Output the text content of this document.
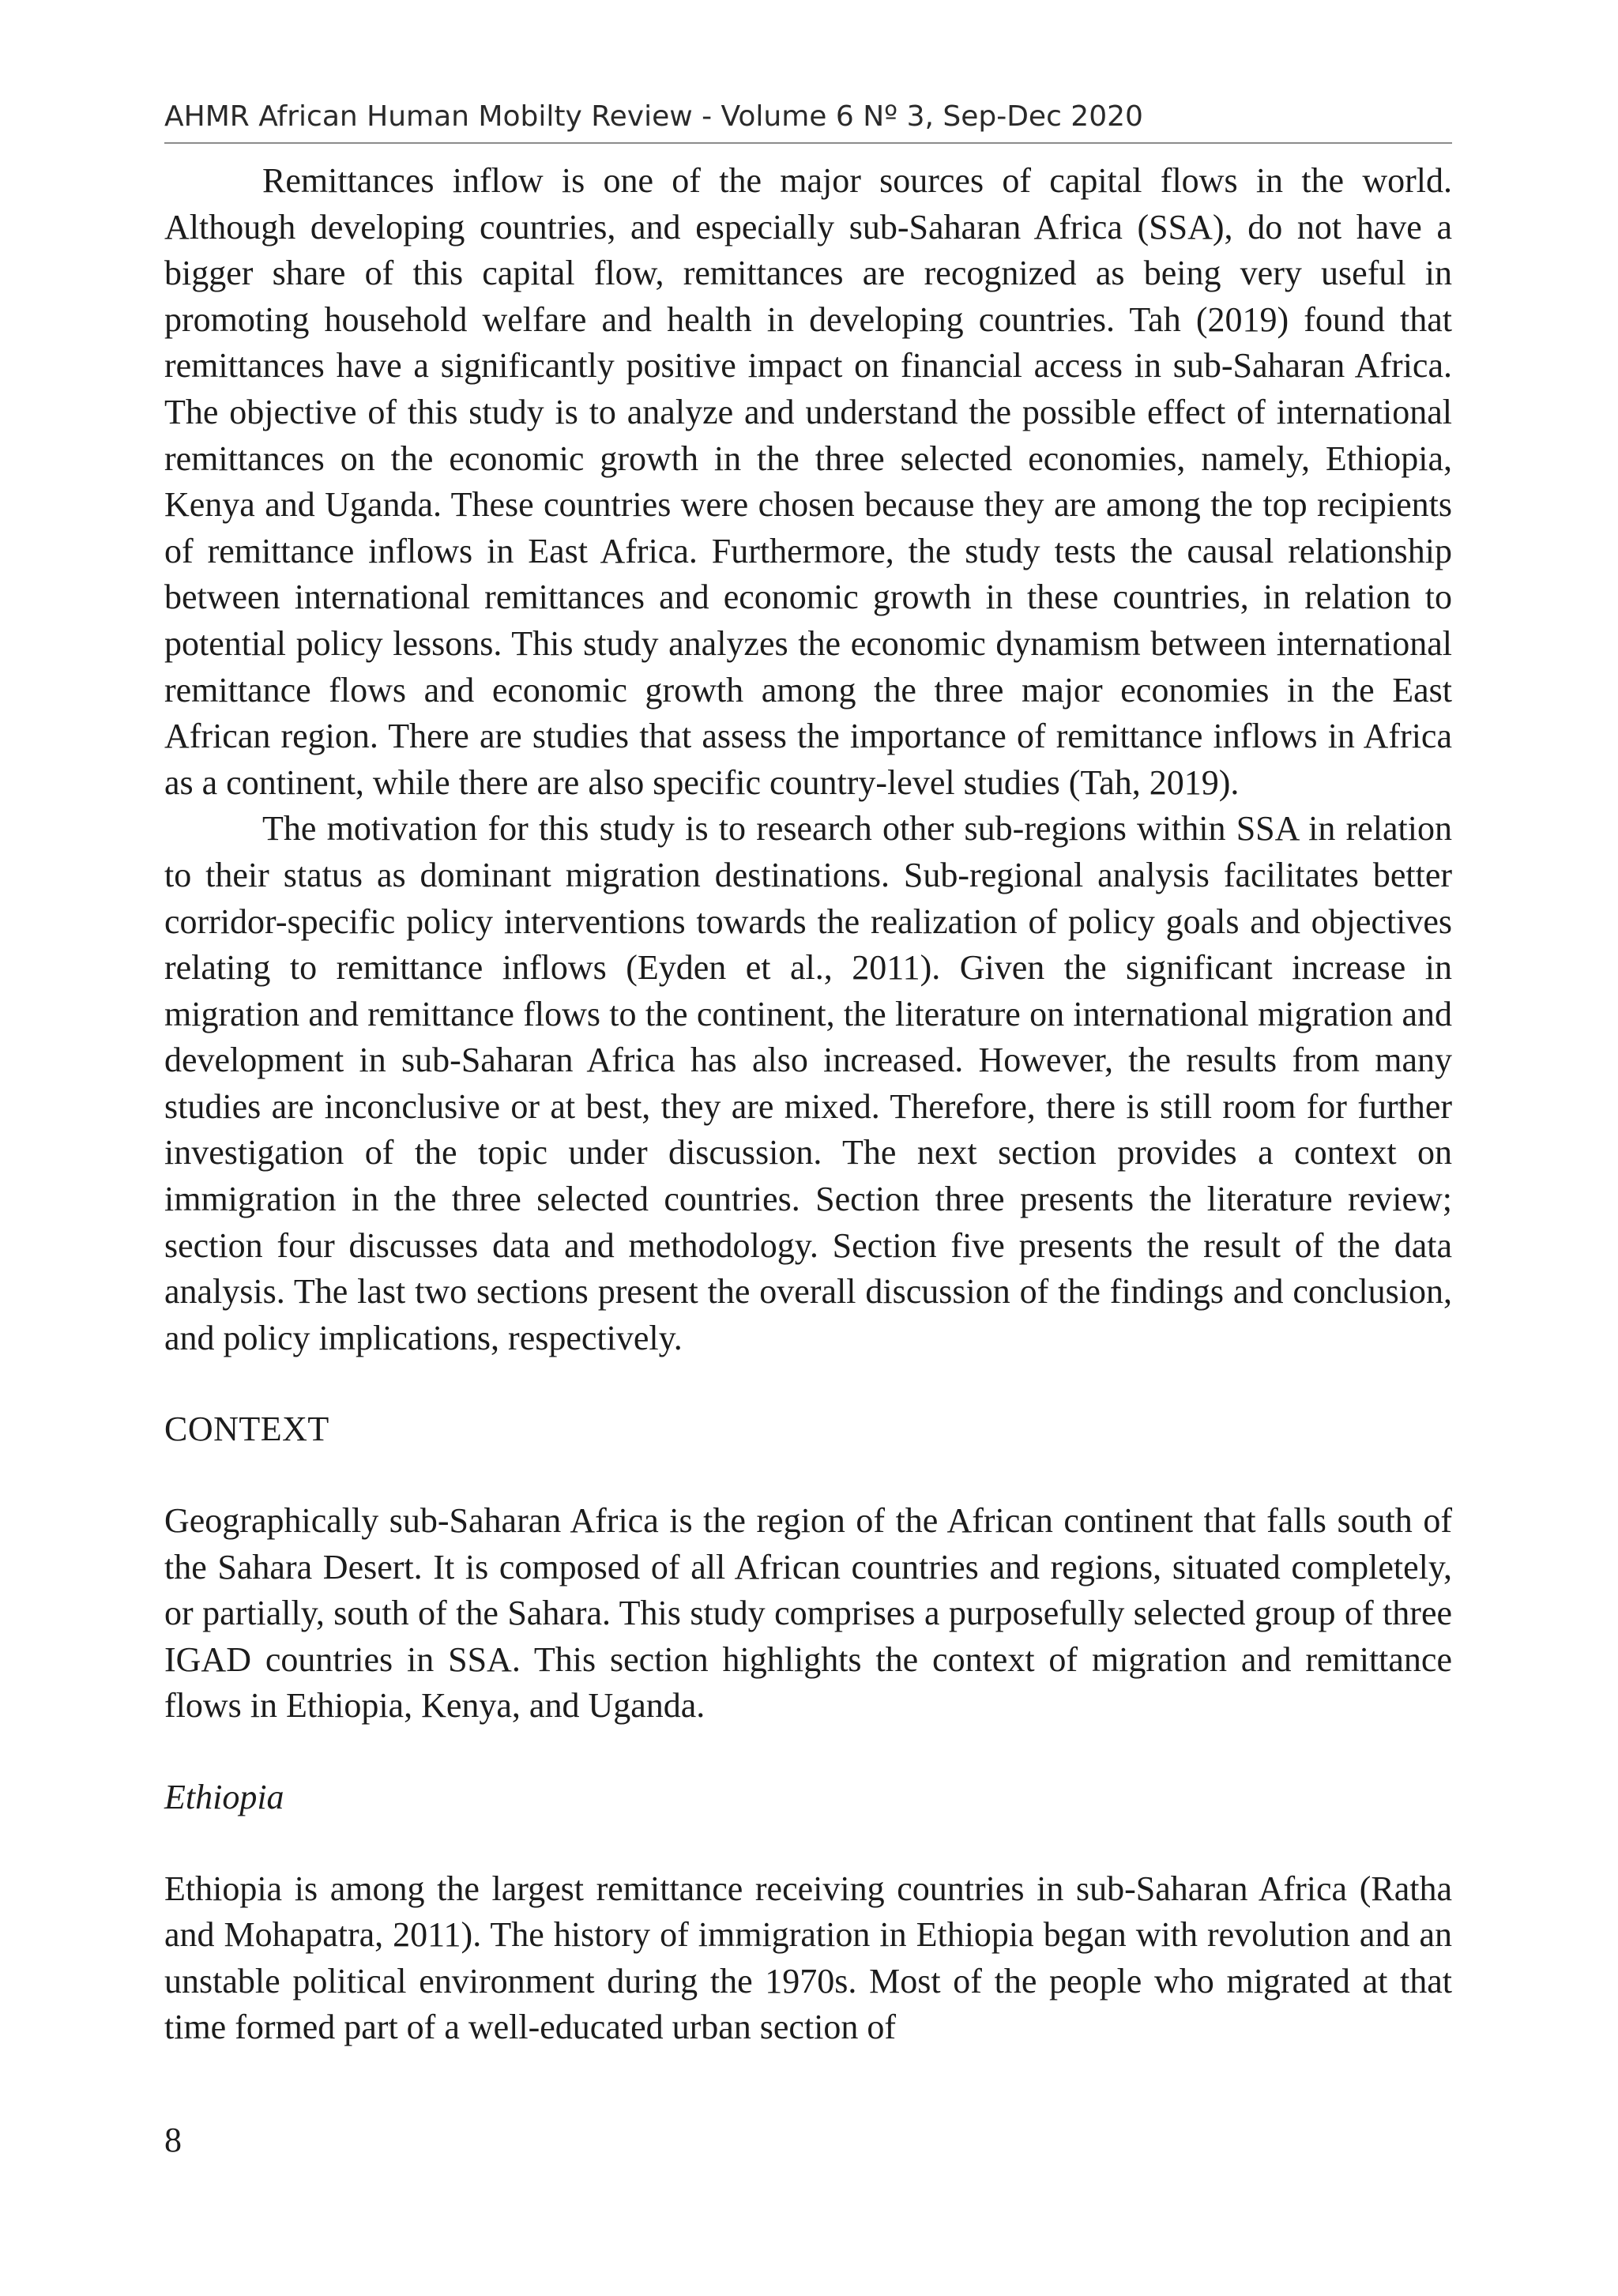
AHMR African Human Mobilty Review - Volume 6 Nº 3, Sep-Dec 2020

Remittances inflow is one of the major sources of capital flows in the world. Although developing countries, and especially sub-Saharan Africa (SSA), do not have a bigger share of this capital flow, remittances are recognized as being very useful in promoting household welfare and health in developing countries. Tah (2019) found that remittances have a significantly positive impact on financial access in sub-Saharan Africa. The objective of this study is to analyze and understand the possible effect of international remittances on the economic growth in the three selected economies, namely, Ethiopia, Kenya and Uganda. These countries were chosen because they are among the top recipients of remittance inflows in East Africa. Furthermore, the study tests the causal relationship between international remittances and economic growth in these countries, in relation to potential policy lessons. This study analyzes the economic dynamism between international remittance flows and economic growth among the three major economies in the East African region. There are studies that assess the importance of remittance inflows in Africa as a continent, while there are also specific country-level studies (Tah, 2019).

The motivation for this study is to research other sub-regions within SSA in relation to their status as dominant migration destinations. Sub-regional analysis facilitates better corridor-specific policy interventions towards the realization of policy goals and objectives relating to remittance inflows (Eyden et al., 2011). Given the significant increase in migration and remittance flows to the continent, the literature on international migration and development in sub-Saharan Africa has also increased. However, the results from many studies are inconclusive or at best, they are mixed. Therefore, there is still room for further investigation of the topic under discussion. The next section provides a context on immigration in the three selected countries. Section three presents the literature review; section four discusses data and methodology. Section five presents the result of the data analysis. The last two sections present the overall discussion of the findings and conclusion, and policy implications, respectively.

CONTEXT

Geographically sub-Saharan Africa is the region of the African continent that falls south of the Sahara Desert. It is composed of all African countries and regions, situated completely, or partially, south of the Sahara. This study comprises a purposefully selected group of three IGAD countries in SSA. This section highlights the context of migration and remittance flows in Ethiopia, Kenya, and Uganda.

Ethiopia

Ethiopia is among the largest remittance receiving countries in sub-Saharan Africa (Ratha and Mohapatra, 2011). The history of immigration in Ethiopia began with revolution and an unstable political environment during the 1970s. Most of the people who migrated at that time formed part of a well-educated urban section of

8
